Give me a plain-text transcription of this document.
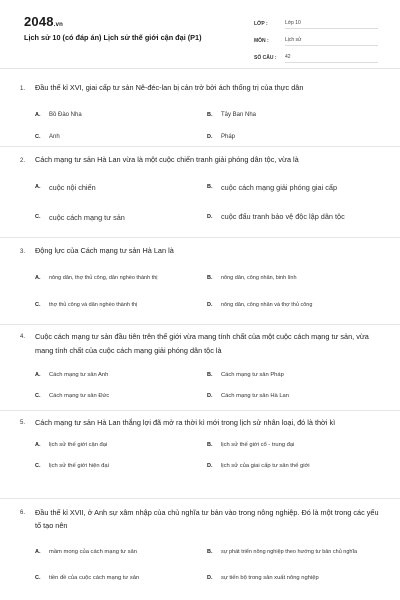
2048.vn
Lịch sử 10 (có đáp án) Lịch sử thế giới cận đại (P1)
LỚP :	Lớp 10
MÔN :	Lịch sử
SỐ CÂU :	42
1.	Đầu thế kỉ XVI, giai cấp tư sản Nê-đéc-lan bị cản trở bởi ách thống trị của thực dân
A.	Bồ Đào Nha	B.	Tây Ban Nha
C.	Anh	D.	Pháp
2.	Cách mạng tư sản Hà Lan vừa là một cuộc chiến tranh giải phóng dân tộc, vừa là
A.	cuộc nội chiến	B.	cuộc cách mạng giải phóng giai cấp
C.	cuộc cách mạng tư sản	D.	cuộc đấu tranh bảo vệ độc lập dân tộc
3.	Động lực của Cách mạng tư sản Hà Lan là
A.	nông dân, thợ thủ công, dân nghèo thành thị	B.	nông dân, công nhân, binh lính
C.	thợ thủ công và dân nghèo thành thị	D.	nông dân, công nhân và thợ thủ công
4.	Cuộc cách mạng tư sản đầu tiên trên thế giới vừa mang tính chất của một cuộc cách mạng tư sản, vừa mang tính chất của cuộc cách mạng giải phóng dân tộc là
A.	Cách mạng tư sản Anh	B.	Cách mạng tư sản Pháp
C.	Cách mạng tư sản Đức	D.	Cách mạng tư sản Hà Lan
5.	Cách mạng tư sản Hà Lan thắng lợi đã mở ra thời kì mới trong lịch sử nhân loại, đó là thời kì
A.	lịch sử thế giới cận đại	B.	lịch sử thế giới cổ - trung đại
C.	lịch sử thế giới hiện đại	D.	lịch sử của giai cấp tư sản thế giới
6.	Đầu thế kỉ XVII, ở Anh sự xâm nhập của chủ nghĩa tư bản vào trong nông nghiệp. Đó là một trong các yếu tố tạo nên
A.	mầm mong của cách mạng tư sản	B.	sự phát triển nông nghiệp theo hướng tư bản chủ nghĩa
C.	tiền đề của cuộc cách mạng tư sản	D.	sự tiến bộ trong sản xuất nông nghiệp
